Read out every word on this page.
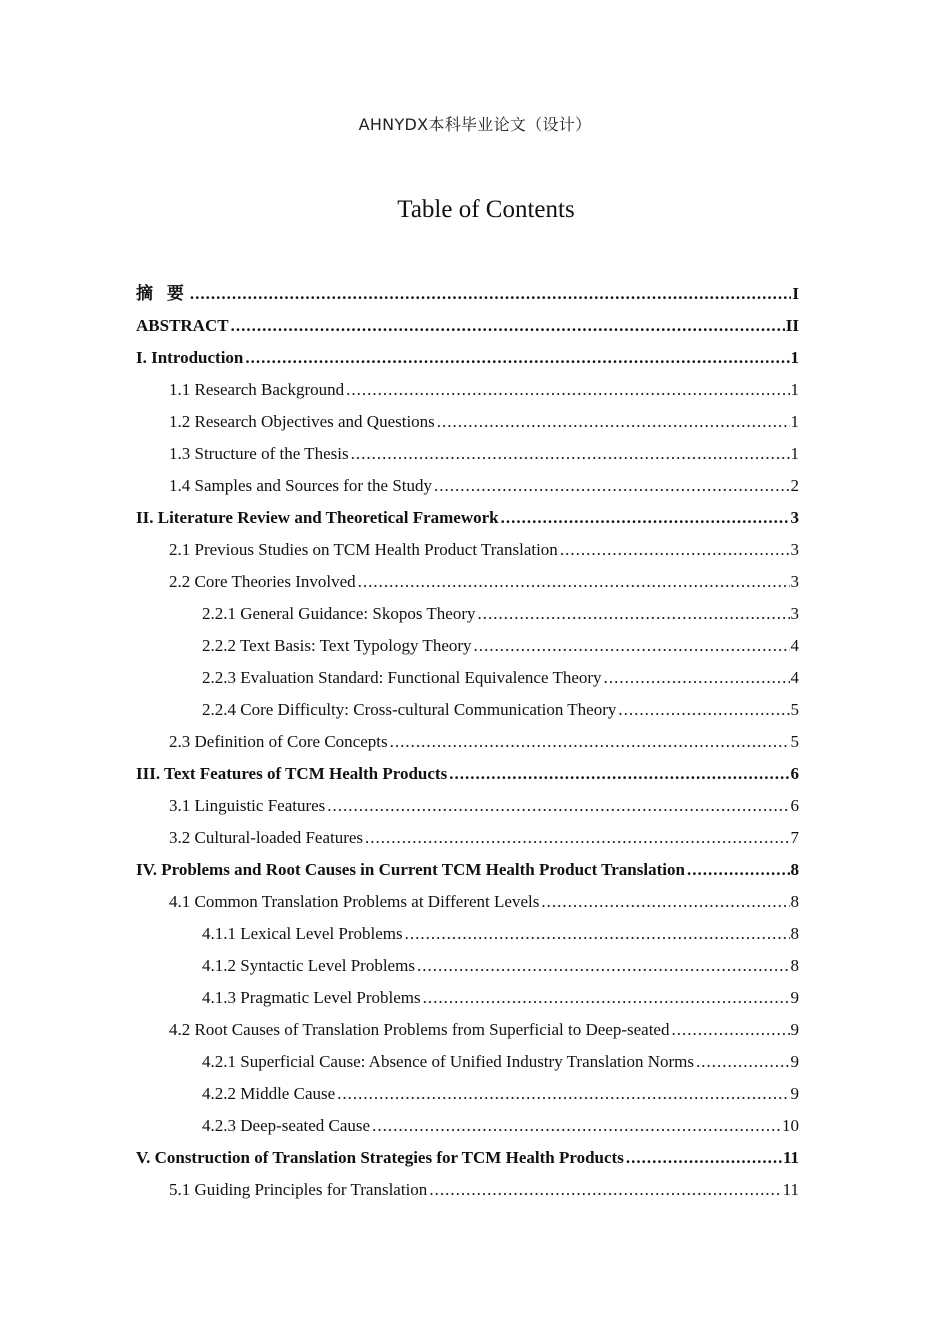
AHNYDX本科毕业论文（设计）
Table of Contents
摘 要 .....	I
ABSTRACT .....	II
I. Introduction .....	1
1.1 Research Background .....	1
1.2 Research Objectives and Questions .....	1
1.3 Structure of the Thesis .....	1
1.4 Samples and Sources for the Study .....	2
II. Literature Review and Theoretical Framework .....	3
2.1 Previous Studies on TCM Health Product Translation .....	3
2.2 Core Theories Involved .....	3
2.2.1 General Guidance: Skopos Theory .....	3
2.2.2 Text Basis: Text Typology Theory .....	4
2.2.3 Evaluation Standard: Functional Equivalence Theory .....	4
2.2.4 Core Difficulty: Cross-cultural Communication Theory .....	5
2.3 Definition of Core Concepts .....	5
III. Text Features of TCM Health Products .....	6
3.1 Linguistic Features .....	6
3.2 Cultural-loaded Features .....	7
IV. Problems and Root Causes in Current TCM Health Product Translation .....	8
4.1 Common Translation Problems at Different Levels .....	8
4.1.1 Lexical Level Problems .....	8
4.1.2 Syntactic Level Problems .....	8
4.1.3 Pragmatic Level Problems .....	9
4.2 Root Causes of Translation Problems from Superficial to Deep-seated .....	9
4.2.1 Superficial Cause: Absence of Unified Industry Translation Norms .....	9
4.2.2 Middle Cause .....	9
4.2.3 Deep-seated Cause .....	10
V. Construction of Translation Strategies for TCM Health Products .....	11
5.1 Guiding Principles for Translation .....	11
